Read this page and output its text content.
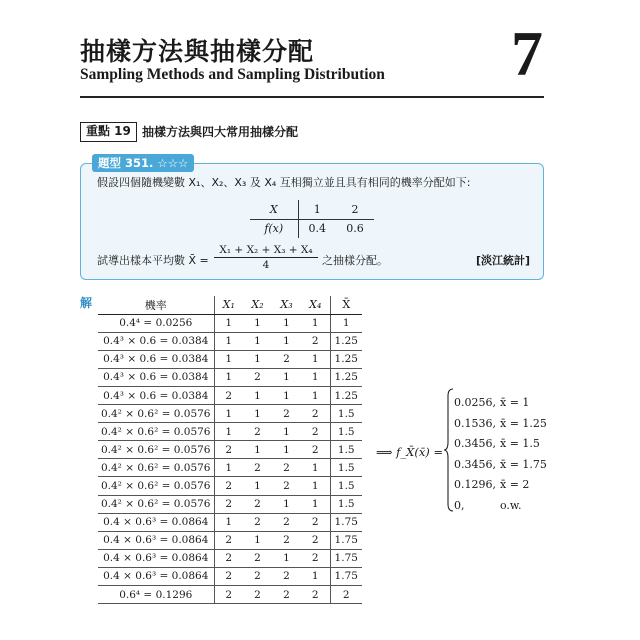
抽樣方法與抽樣分配
Sampling Methods and Sampling Distribution 7
重點 19 抽樣方法與四大常用抽樣分配
題型 351. ☆☆☆
假設四個隨機變數 X₁、X₂、X₃ 及 X₄ 互相獨立並且具有相同的機率分配如下:
X	1	2
f(x)	0.4	0.6
試導出樣本平均數 X̄ = $\frac{\text{X₁ + X₂ + X₃ + X₄}}{4}$ 之抽樣分配。	[淡江統計]
解	機率	X₁	X₂	X₃	X₄	X̄
0.4⁴ = 0.0256	1	1	1	1	1
0.4³ × 0.6 = 0.0384	1	1	1	2	1.25
0.4³ × 0.6 = 0.0384	1	1	2	1	1.25
0.4³ × 0.6 = 0.0384	1	2	1	1	1.25
0.4³ × 0.6 = 0.0384	2	1	1	1	1.25
0.4² × 0.6² = 0.0576	1	1	2	2	1.5
0.4² × 0.6² = 0.0576	1	2	1	2	1.5
0.4² × 0.6² = 0.0576	2	1	1	2	1.5
0.4² × 0.6² = 0.0576	1	2	2	1	1.5
0.4² × 0.6² = 0.0576	2	1	2	1	1.5
0.4² × 0.6² = 0.0576	2	2	1	1	1.5
0.4 × 0.6³ = 0.0864	1	2	2	2	1.75
0.4 × 0.6³ = 0.0864	2	1	2	2	1.75
0.4 × 0.6³ = 0.0864	2	2	1	2	1.75
0.4 × 0.6³ = 0.0864	2	2	2	1	1.75
0.6⁴ = 0.1296	2	2	2	2	2
⟹ f_X̄(x̄) =
0.0256, x̄ = 1
0.1536, x̄ = 1.25
0.3456, x̄ = 1.5
0.3456, x̄ = 1.75
0.1296, x̄ = 2
0,	o.w.
